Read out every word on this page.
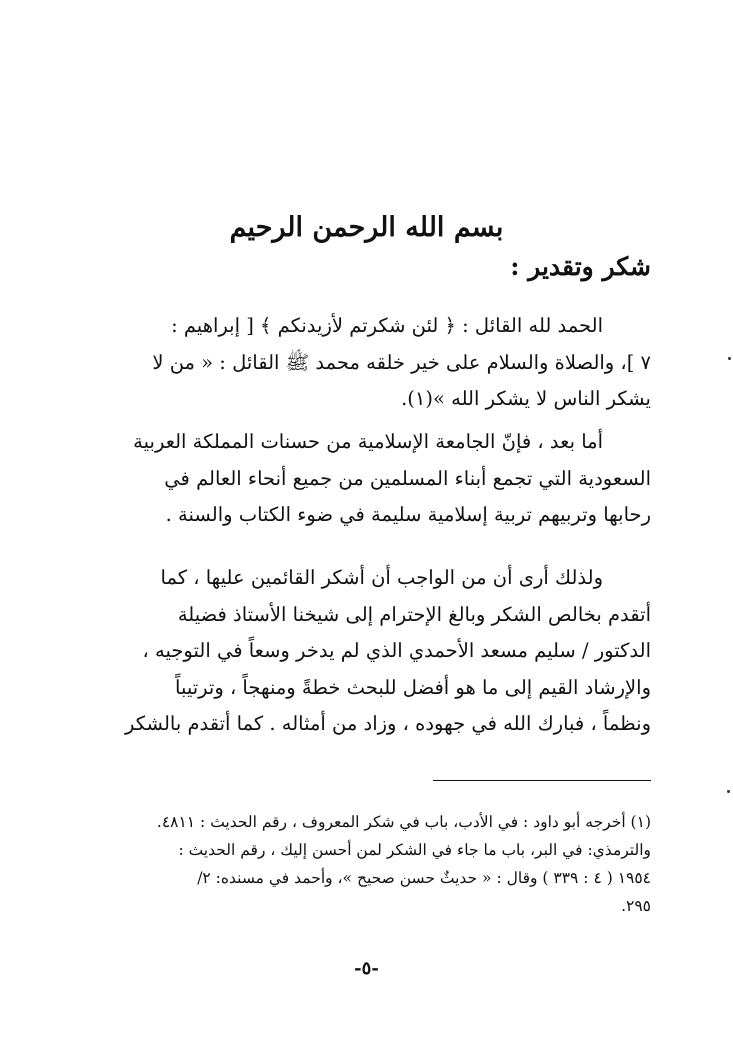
بسم الله الرحمن الرحيم
شكر وتقدير :
الحمد لله القائل : ﴿ لئن شكرتم لأزيدنكم ﴾ [ إبراهيم :
٧ ]، والصلاة والسلام على خير خلقه محمد ﷺ القائل : « من لا
يشكر الناس لا يشكر الله »(١).
أما بعد ، فإنّ الجامعة الإسلامية من حسنات المملكة العربية
السعودية التي تجمع أبناء المسلمين من جميع أنحاء العالم في
رحابها وتربيهم تربية إسلامية سليمة في ضوء الكتاب والسنة .
ولذلك أرى أن من الواجب أن أشكر القائمين عليها ، كما
أتقدم بخالص الشكر وبالغ الإحترام إلى شيخنا الأستاذ فضيلة
الدكتور / سليم مسعد الأحمدي الذي لم يدخر وسعاً في التوجيه ،
والإرشاد القيم إلى ما هو أفضل للبحث خطةً ومنهجاً ، وترتيباً
ونظماً ، فبارك الله في جهوده ، وزاد من أمثاله . كما أتقدم بالشكر
(١) أخرجه أبو داود : في الأدب، باب في شكر المعروف ، رقم الحديث : ٤٨١١.
والترمذي: في البر، باب ما جاء في الشكر لمن أحسن إليك ، رقم الحديث :
١٩٥٤ ( ٤ : ٣٣٩ ) وقال : « حديثٌ حسن صحيح »، وأحمد في مسنده: ٢/
٢٩٥.
-٥-
